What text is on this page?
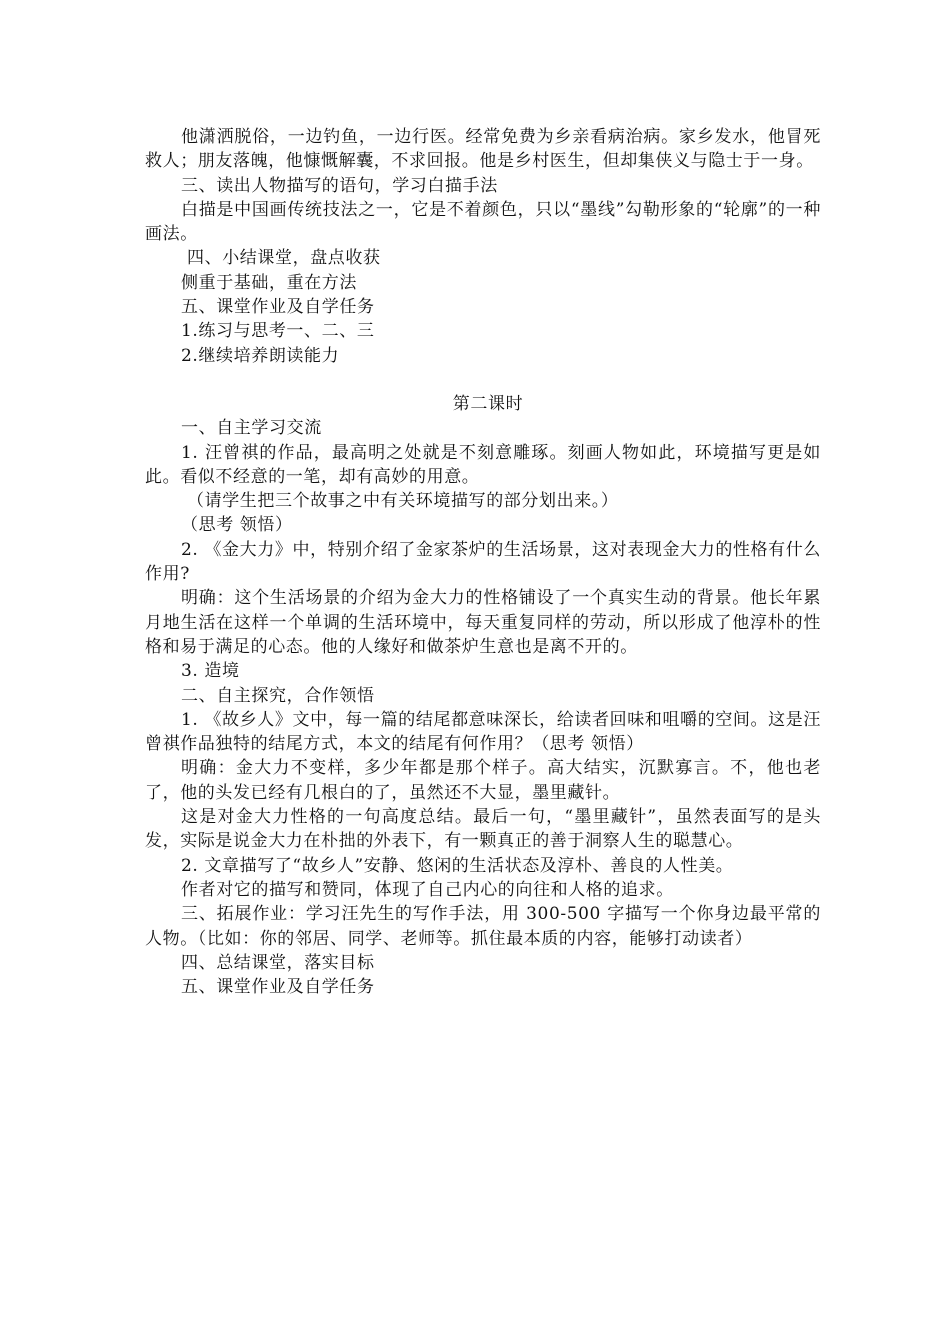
他潇洒脱俗，一边钓鱼，一边行医。经常免费为乡亲看病治病。家乡发水，他冒死救人；朋友落魄，他慷慨解囊，不求回报。他是乡村医生，但却集侠义与隐士于一身。

三、读出人物描写的语句，学习白描手法

白描是中国画传统技法之一，它是不着颜色，只以“墨线”勾勒形象的“轮廓”的一种画法。

四、小结课堂，盘点收获

侧重于基础，重在方法

五、课堂作业及自学任务

1.练习与思考一、二、三

2.继续培养朗读能力

第二课时

一、自主学习交流

1. 汪曾祺的作品，最高明之处就是不刻意雕琢。刻画人物如此，环境描写更是如此。看似不经意的一笔，却有高妙的用意。

（请学生把三个故事之中有关环境描写的部分划出来。）

（思考 领悟）

2. 《金大力》中，特别介绍了金家茶炉的生活场景，这对表现金大力的性格有什么作用?

明确：这个生活场景的介绍为金大力的性格铺设了一个真实生动的背景。他长年累月地生活在这样一个单调的生活环境中，每天重复同样的劳动，所以形成了他淳朴的性格和易于满足的心态。他的人缘好和做茶炉生意也是离不开的。

3. 造境

二、自主探究，合作领悟

1. 《故乡人》文中，每一篇的结尾都意味深长，给读者回味和咀嚼的空间。这是汪曾祺作品独特的结尾方式，本文的结尾有何作用？（思考 领悟）

明确：金大力不变样，多少年都是那个样子。高大结实，沉默寡言。不，他也老了，他的头发已经有几根白的了，虽然还不大显，墨里藏针。

这是对金大力性格的一句高度总结。最后一句，“墨里藏针”，虽然表面写的是头发，实际是说金大力在朴拙的外表下，有一颗真正的善于洞察人生的聪慧心。

2. 文章描写了“故乡人”安静、悠闲的生活状态及淳朴、善良的人性美。

作者对它的描写和赞同，体现了自己内心的向往和人格的追求。

三、拓展作业：学习汪先生的写作手法，用 300-500 字描写一个你身边最平常的人物。（比如：你的邻居、同学、老师等。抓住最本质的内容，能够打动读者）

四、总结课堂，落实目标

五、课堂作业及自学任务
